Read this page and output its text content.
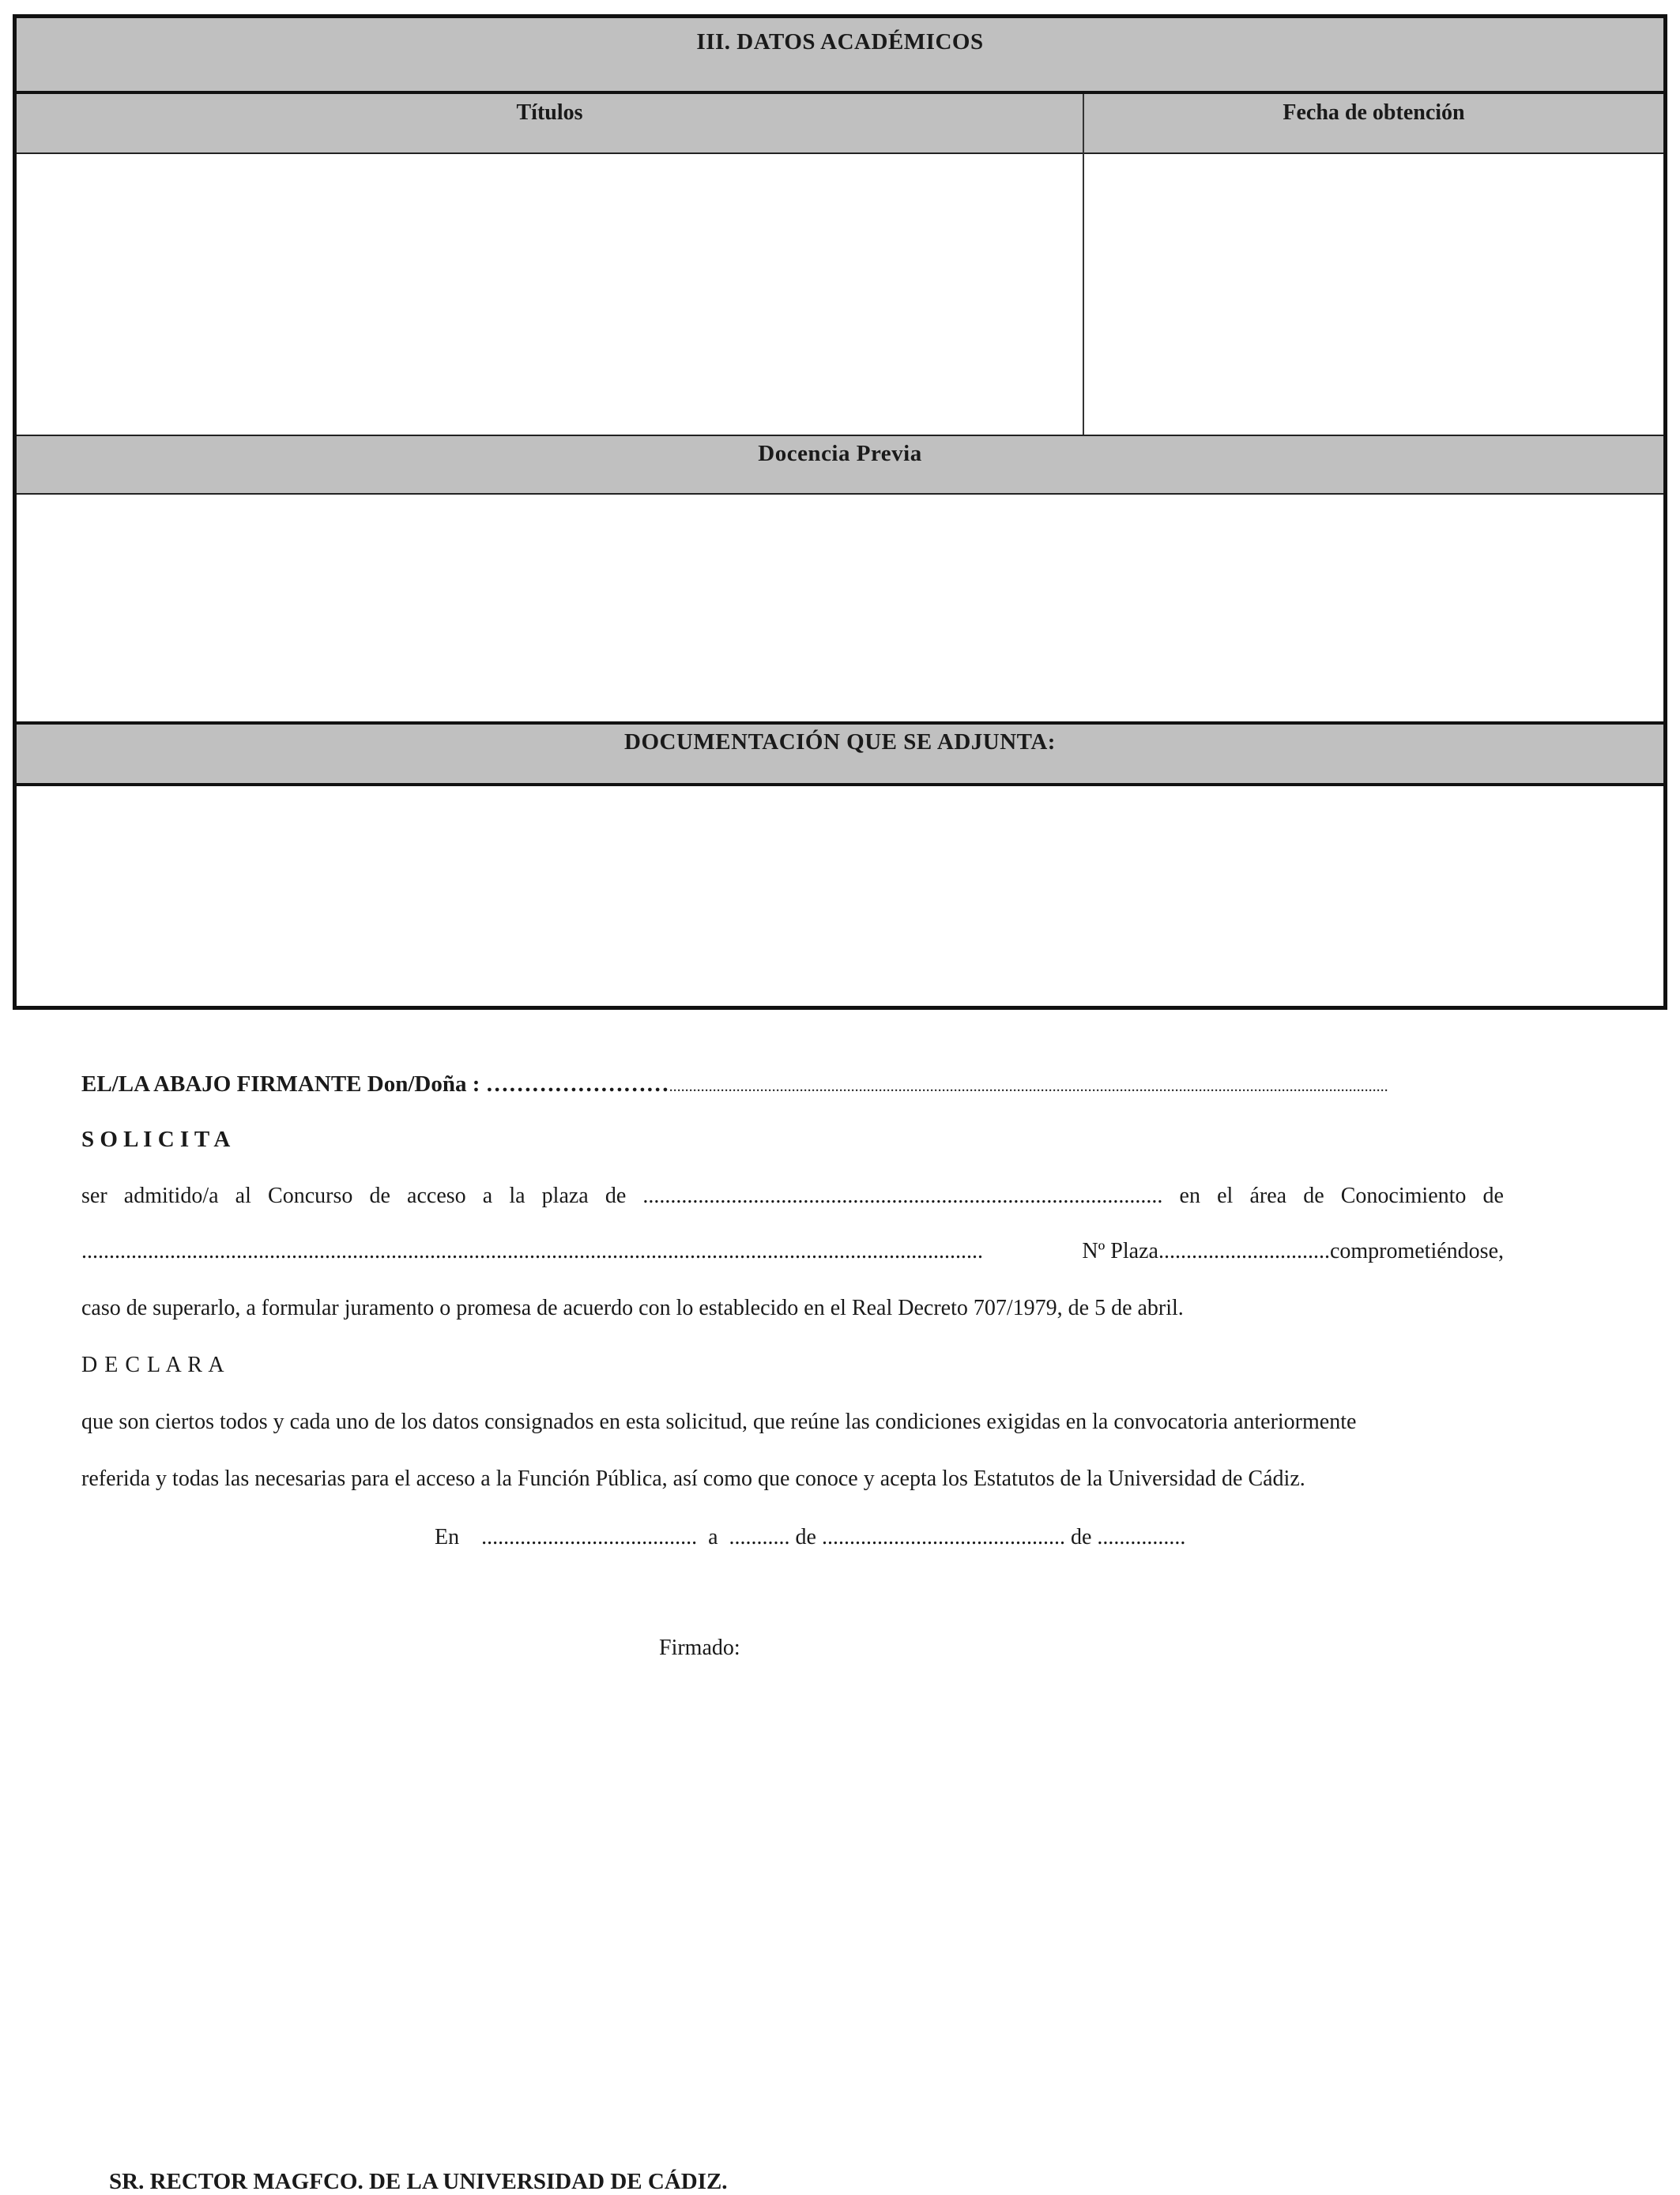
III. DATOS ACADÉMICOS
Títulos	Fecha de obtención
Docencia Previa
DOCUMENTACIÓN QUE SE ADJUNTA:
EL/LA ABAJO FIRMANTE Don/Doña : ……………………......................................................................................................................................................................................
S O L I C I T A
ser admitido/a al Concurso de acceso a la plaza de .............................................................................................. en el área de Conocimiento de
...................................................................................................................................................................	Nº Plaza...............................comprometiéndose,
caso de superarlo, a formular juramento o promesa de acuerdo con lo establecido en el Real Decreto 707/1979, de 5 de abril.
D E C L A R A
que son ciertos todos y cada uno de los datos consignados en esta solicitud, que reúne las condiciones exigidas en la convocatoria anteriormente
referida y todas las necesarias para el acceso a la Función Pública, así como que conoce y acepta los Estatutos de la Universidad de Cádiz.
En    .......................................  a  ........... de ............................................ de ................
Firmado:
SR. RECTOR MAGFCO. DE LA UNIVERSIDAD DE CÁDIZ.
